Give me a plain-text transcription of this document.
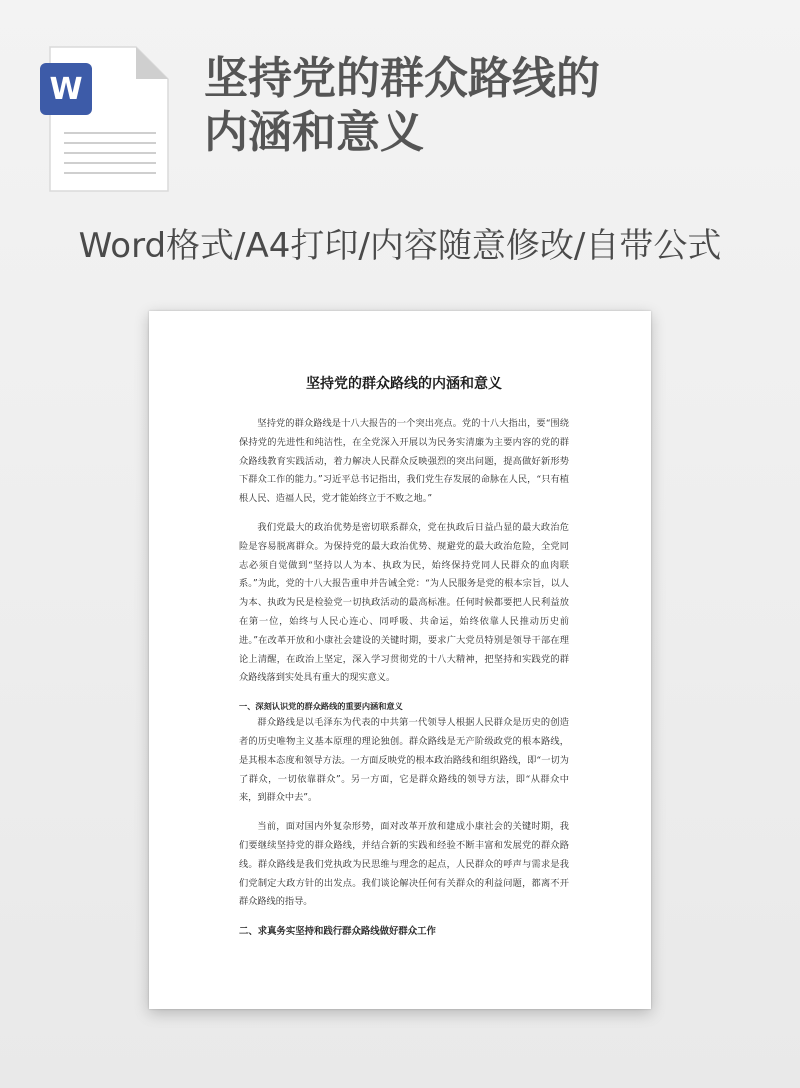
W	坚持党的群众路线的
内涵和意义
Word格式/A4打印/内容随意修改/自带公式
坚持党的群众路线的内涵和意义

坚持党的群众路线是十八大报告的一个突出亮点。党的十八大指出，要“围绕保持党的先进性和纯洁性，在全党深入开展以为民务实清廉为主要内容的党的群众路线教育实践活动，着力解决人民群众反映强烈的突出问题，提高做好新形势下群众工作的能力。”习近平总书记指出，我们党生存发展的命脉在人民，“只有植根人民、造福人民，党才能始终立于不败之地。”

我们党最大的政治优势是密切联系群众，党在执政后日益凸显的最大政治危险是容易脱离群众。为保持党的最大政治优势、规避党的最大政治危险，全党同志必须自觉做到“坚持以人为本、执政为民，始终保持党同人民群众的血肉联系。”为此，党的十八大报告重申并告诫全党：“为人民服务是党的根本宗旨，以人为本、执政为民是检验党一切执政活动的最高标准。任何时候都要把人民利益放在第一位，始终与人民心连心、同呼吸、共命运，始终依靠人民推动历史前进。”在改革开放和小康社会建设的关键时期，要求广大党员特别是领导干部在理论上清醒，在政治上坚定，深入学习贯彻党的十八大精神，把坚持和实践党的群众路线落到实处具有重大的现实意义。

一、深刻认识党的群众路线的重要内涵和意义

群众路线是以毛泽东为代表的中共第一代领导人根据人民群众是历史的创造者的历史唯物主义基本原理的理论独创。群众路线是无产阶级政党的根本路线，是其根本态度和领导方法。一方面反映党的根本政治路线和组织路线，即“一切为了群众，一切依靠群众”。另一方面，它是群众路线的领导方法，即“从群众中来，到群众中去”。

当前，面对国内外复杂形势，面对改革开放和建成小康社会的关键时期，我们要继续坚持党的群众路线，并结合新的实践和经验不断丰富和发展党的群众路线。群众路线是我们党执政为民思维与理念的起点，人民群众的呼声与需求是我们党制定大政方针的出发点。我们谈论解决任何有关群众的利益问题，都离不开群众路线的指导。

二、求真务实坚持和践行群众路线做好群众工作
